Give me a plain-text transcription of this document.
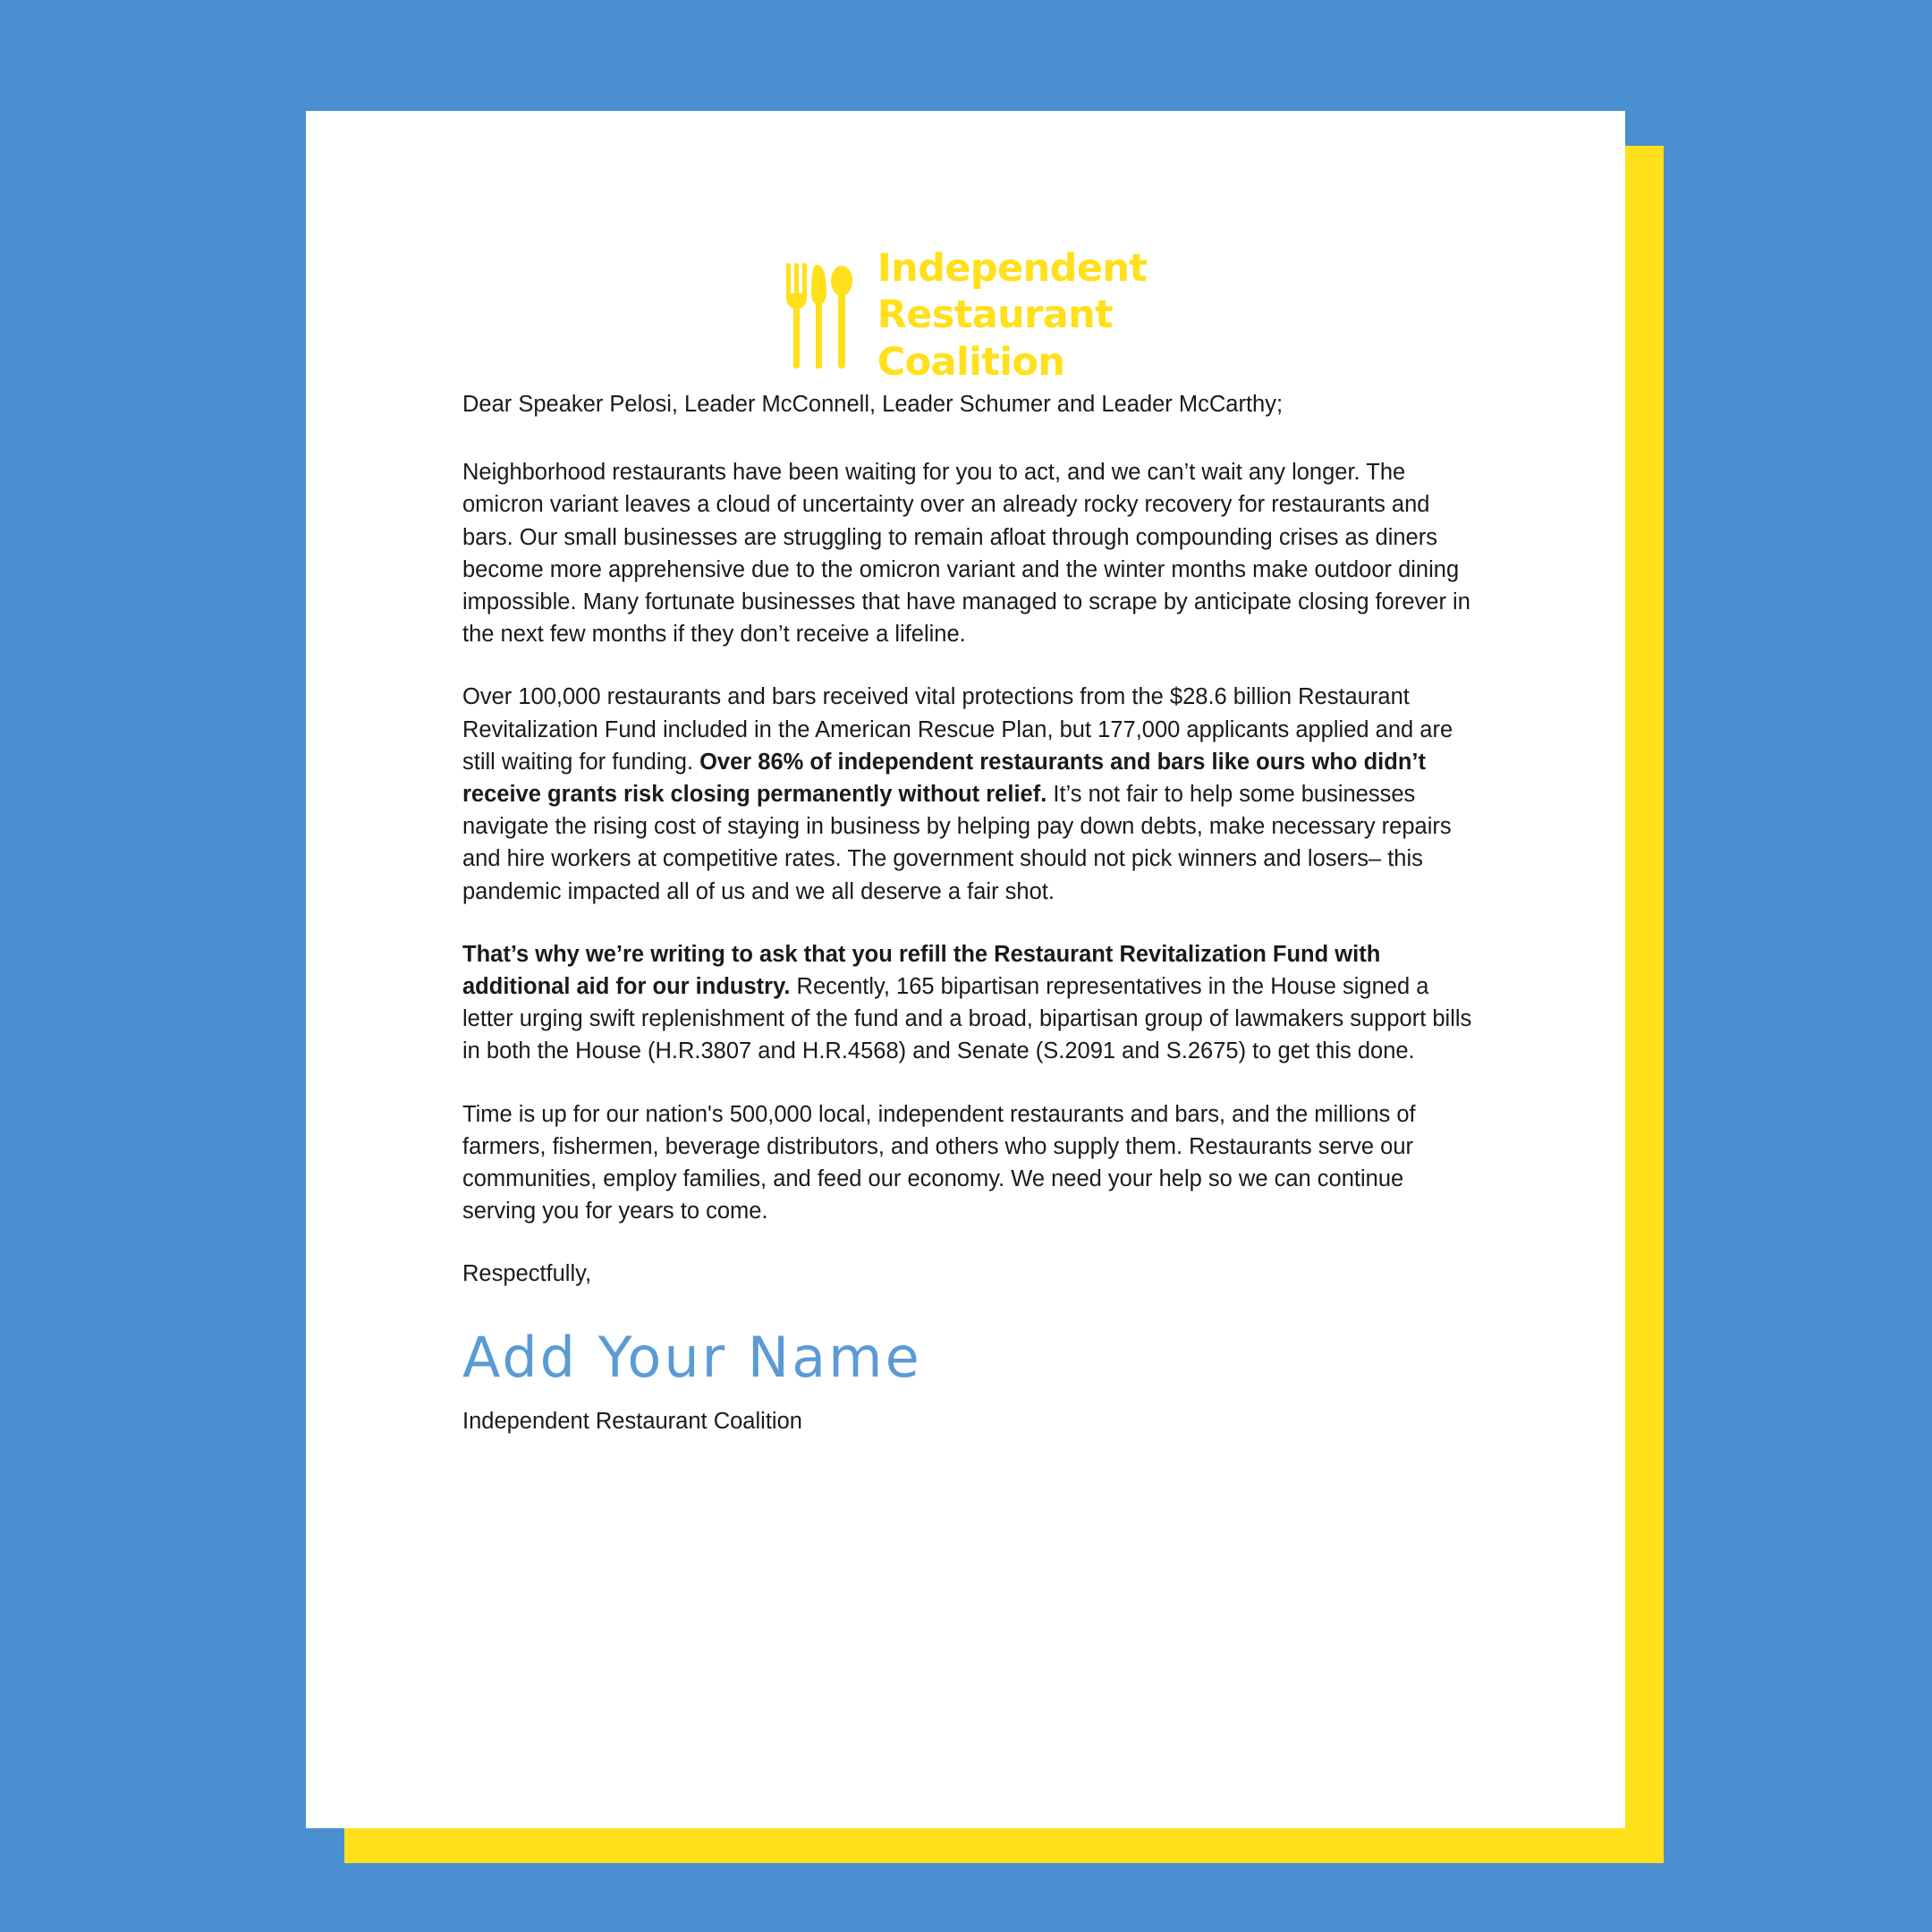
Independent
Restaurant
Coalition

Dear Speaker Pelosi, Leader McConnell, Leader Schumer and Leader McCarthy;

Neighborhood restaurants have been waiting for you to act, and we can’t wait any longer. The omicron variant leaves a cloud of uncertainty over an already rocky recovery for restaurants and bars. Our small businesses are struggling to remain afloat through compounding crises as diners become more apprehensive due to the omicron variant and the winter months make outdoor dining impossible. Many fortunate businesses that have managed to scrape by anticipate closing forever in the next few months if they don’t receive a lifeline.

Over 100,000 restaurants and bars received vital protections from the $28.6 billion Restaurant Revitalization Fund included in the American Rescue Plan, but 177,000 applicants applied and are still waiting for funding. Over 86% of independent restaurants and bars like ours who didn’t receive grants risk closing permanently without relief. It’s not fair to help some businesses navigate the rising cost of staying in business by helping pay down debts, make necessary repairs and hire workers at competitive rates. The government should not pick winners and losers– this pandemic impacted all of us and we all deserve a fair shot.

That’s why we’re writing to ask that you refill the Restaurant Revitalization Fund with additional aid for our industry. Recently, 165 bipartisan representatives in the House signed a letter urging swift replenishment of the fund and a broad, bipartisan group of lawmakers support bills in both the House (H.R.3807 and H.R.4568) and Senate (S.2091 and S.2675) to get this done.

Time is up for our nation's 500,000 local, independent restaurants and bars, and the millions of farmers, fishermen, beverage distributors, and others who supply them. Restaurants serve our communities, employ families, and feed our economy. We need your help so we can continue serving you for years to come.

Respectfully,

Add Your Name
Independent Restaurant Coalition
